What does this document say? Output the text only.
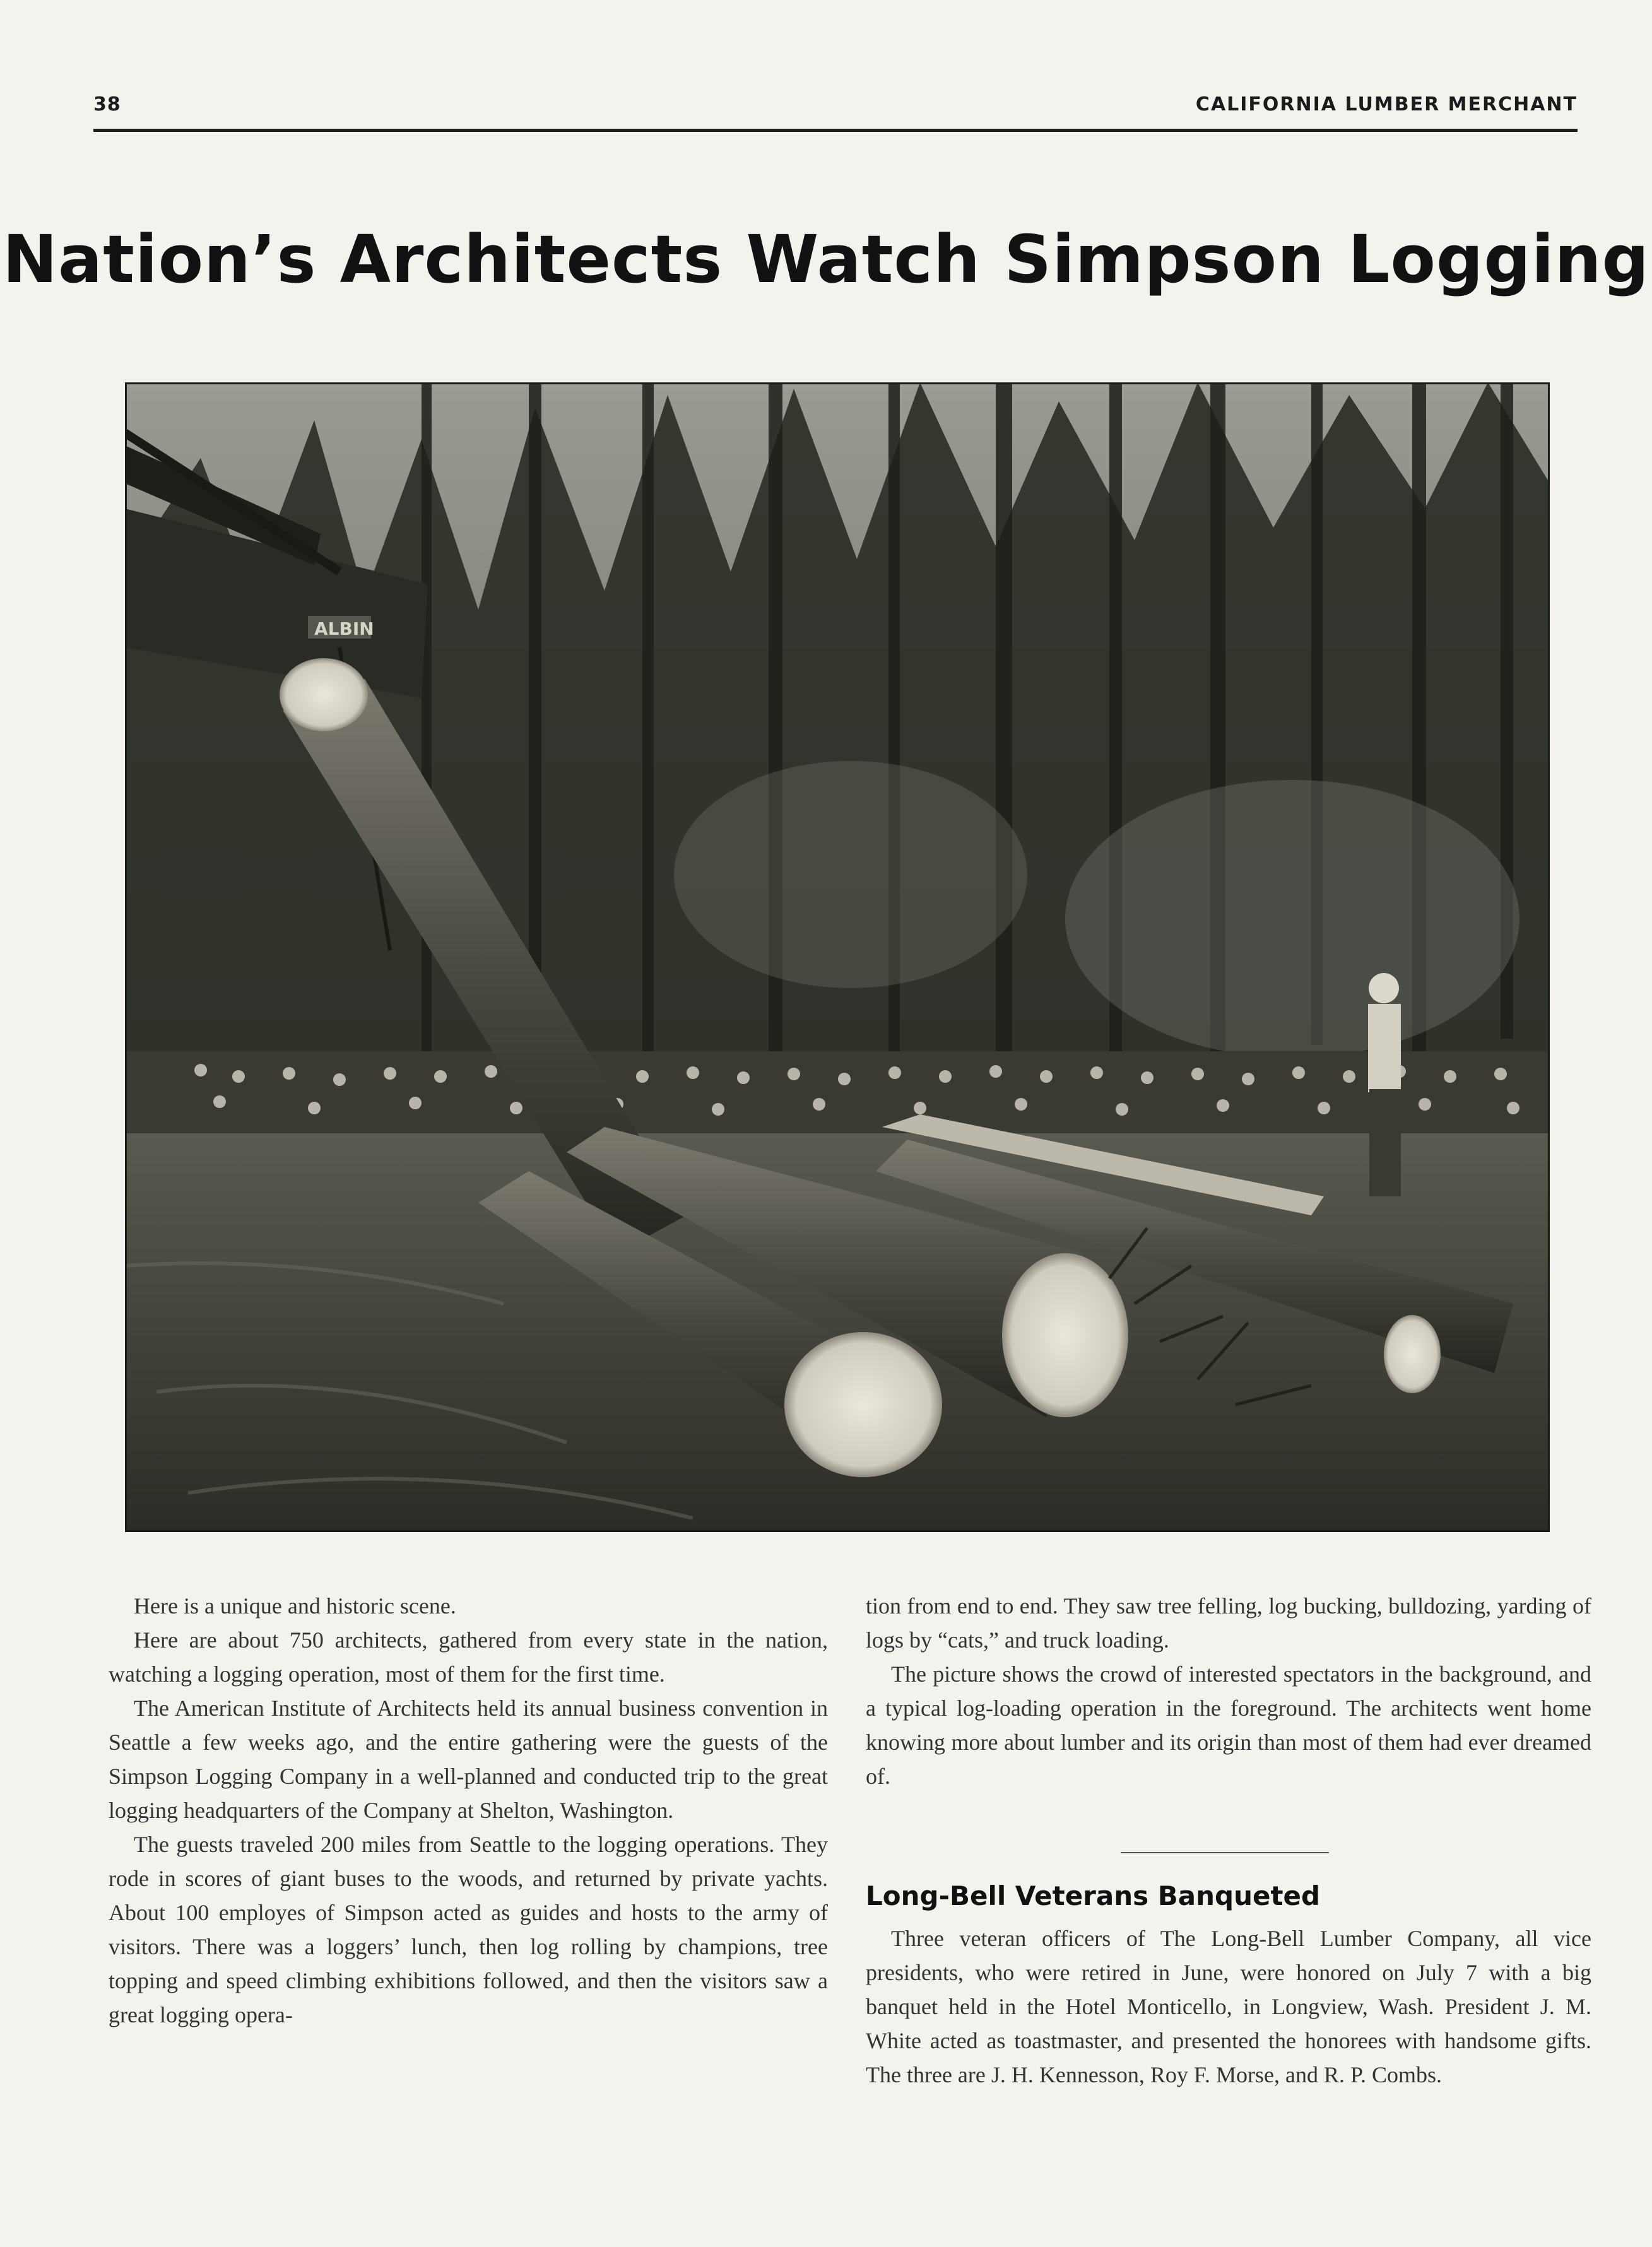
38	CALIFORNIA LUMBER MERCHANT
Nation’s Architects Watch Simpson Logging
ALBIN

Here is a unique and historic scene.

Here are about 750 architects, gathered from every state in the nation, watching a logging operation, most of them for the first time.

The American Institute of Architects held its annual business convention in Seattle a few weeks ago, and the entire gathering were the guests of the Simpson Logging Company in a well-planned and conducted trip to the great logging headquarters of the Company at Shelton, Washington.

The guests traveled 200 miles from Seattle to the logging operations. They rode in scores of giant buses to the woods, and returned by private yachts. About 100 employes of Simpson acted as guides and hosts to the army of visitors. There was a loggers’ lunch, then log rolling by champions, tree topping and speed climbing exhibitions followed, and then the visitors saw a great logging opera-

tion from end to end. They saw tree felling, log bucking, bulldozing, yarding of logs by “cats,” and truck loading.

The picture shows the crowd of interested spectators in the background, and a typical log-loading operation in the foreground. The architects went home knowing more about lumber and its origin than most of them had ever dreamed of.

Long-Bell Veterans Banqueted

Three veteran officers of The Long-Bell Lumber Company, all vice presidents, who were retired in June, were honored on July 7 with a big banquet held in the Hotel Monticello, in Longview, Wash. President J. M. White acted as toastmaster, and presented the honorees with handsome gifts. The three are J. H. Kennesson, Roy F. Morse, and R. P. Combs.
